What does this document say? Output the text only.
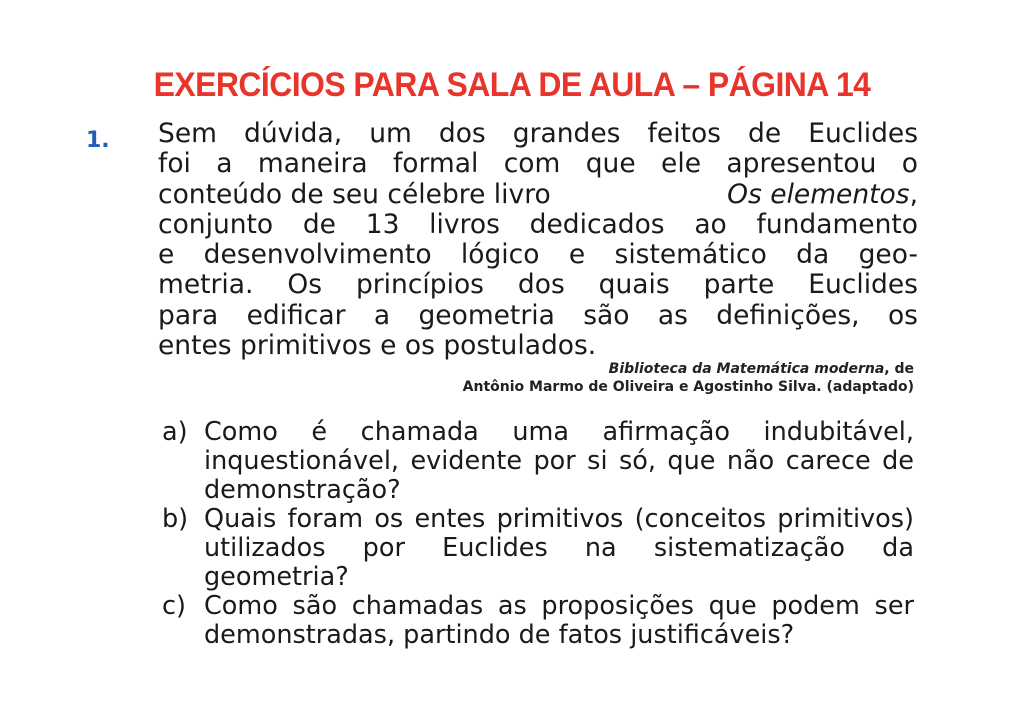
EXERCÍCIOS PARA SALA DE AULA – PÁGINA 14
1. Sem dúvida, um dos grandes feitos de Euclides
foi a maneira formal com que ele apresentou o
conteúdo de seu célebre livro	Os elementos,
conjunto de 13 livros dedicados ao fundamento
e desenvolvimento lógico e sistemático da geo-
metria. Os princípios dos quais parte Euclides
para edificar a geometria são as definições, os
entes primitivos e os postulados.
Biblioteca da Matemática moderna, de
Antônio Marmo de Oliveira e Agostinho Silva. (adaptado)
a) Como é chamada uma afirmação indubitável, inquestionável, evidente por si só, que não carece de demonstração?
b) Quais foram os entes primitivos (conceitos primitivos) utilizados por Euclides na sistematização da geometria?
c) Como são chamadas as proposições que podem ser demonstradas, partindo de fatos justificáveis?
